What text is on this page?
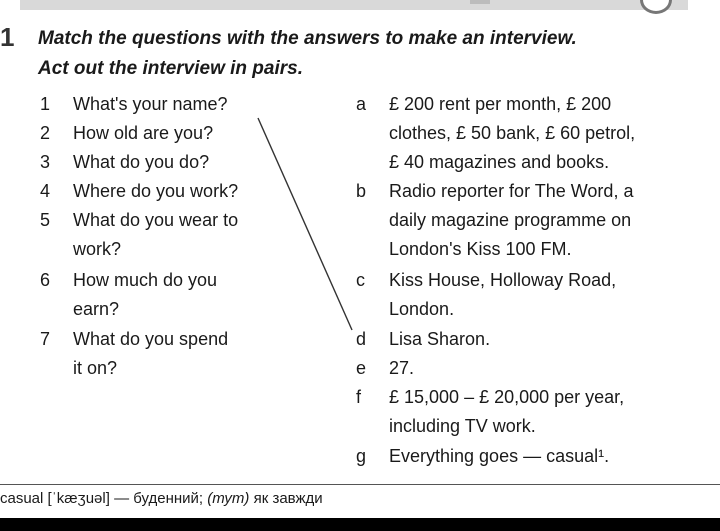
1 Match the questions with the answers to make an interview.
Act out the interview in pairs.
1	What's your name?
2	How old are you?
3	What do you do?
4	Where do you work?
5	What do you wear to
work?
6	How much do you
earn?
7	What do you spend
it on?
a	£ 200 rent per month, £ 200
clothes, £ 50 bank, £ 60 petrol,
£ 40 magazines and books.
b	Radio reporter for The Word, a
daily magazine programme on
London's Kiss 100 FM.
c	Kiss House, Holloway Road,
London.
d	Lisa Sharon.
e	27.
f	£ 15,000 – £ 20,000 per year,
including TV work.
g	Everything goes — casual¹.
casual [ˈkæʒuəl] — буденний; (тут) як завжди
